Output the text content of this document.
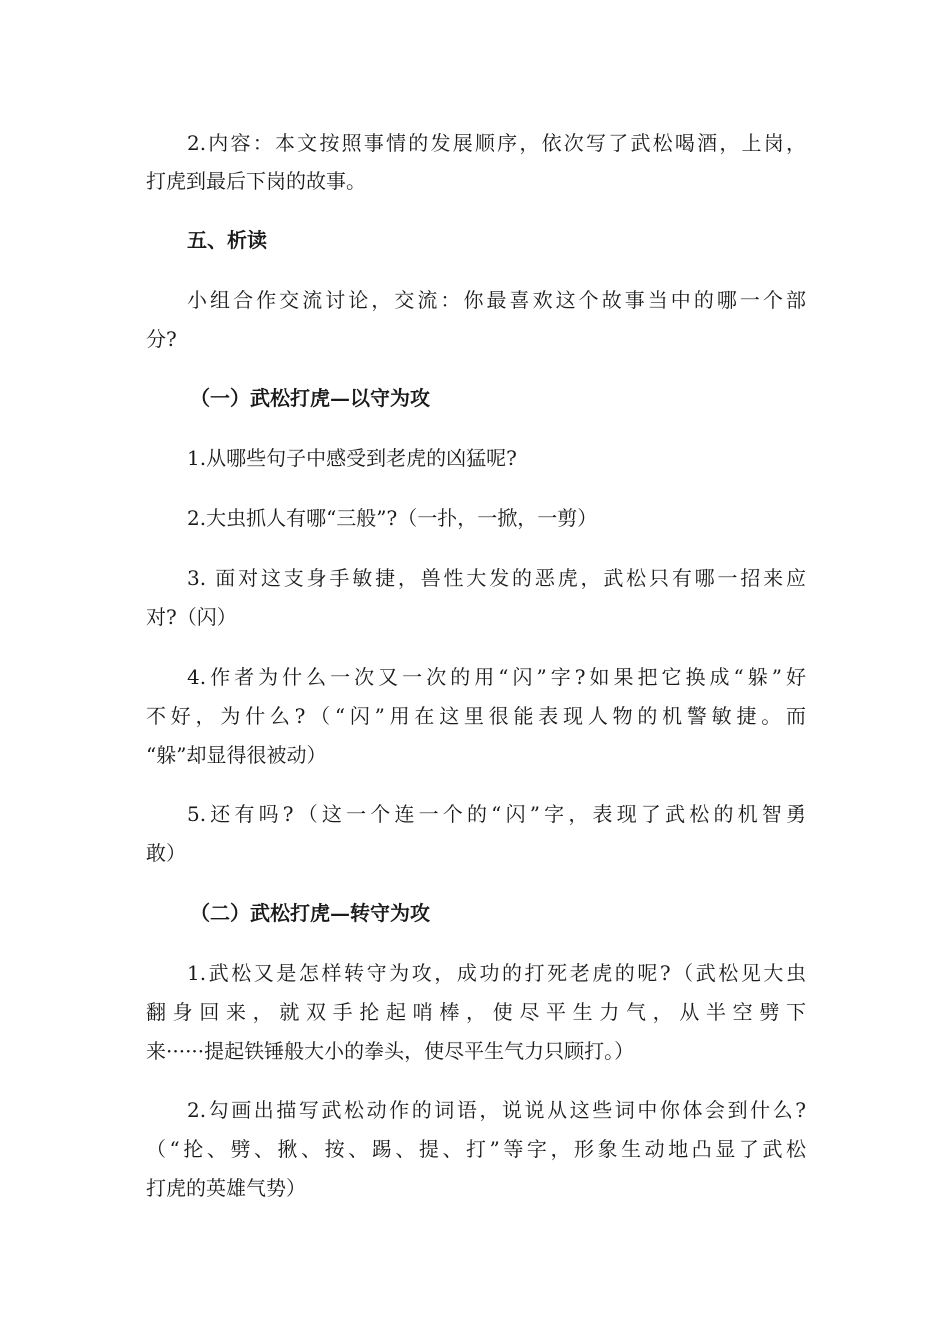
2.内容：本文按照事情的发展顺序，依次写了武松喝酒，上岗，
打虎到最后下岗的故事。
五、析读
小组合作交流讨论，交流：你最喜欢这个故事当中的哪一个部
分?
（一）武松打虎—以守为攻
1.从哪些句子中感受到老虎的凶猛呢?
2.大虫抓人有哪“三般”?（一扑，一掀，一剪）
3. 面对这支身手敏捷，兽性大发的恶虎，武松只有哪一招来应
对?（闪）
4.作者为什么一次又一次的用“闪”字?如果把它换成“躲”好
不好，为什么?（“闪”用在这里很能表现人物的机警敏捷。而
“躲”却显得很被动）
5.还有吗?（这一个连一个的“闪”字，表现了武松的机智勇
敢）
（二）武松打虎—转守为攻
1.武松又是怎样转守为攻，成功的打死老虎的呢?（武松见大虫
翻身回来，就双手抡起哨棒，使尽平生力气，从半空劈下
来······提起铁锤般大小的拳头，使尽平生气力只顾打。）
2.勾画出描写武松动作的词语，说说从这些词中你体会到什么?
（“抡、劈、揪、按、踢、提、打”等字，形象生动地凸显了武松
打虎的英雄气势）
